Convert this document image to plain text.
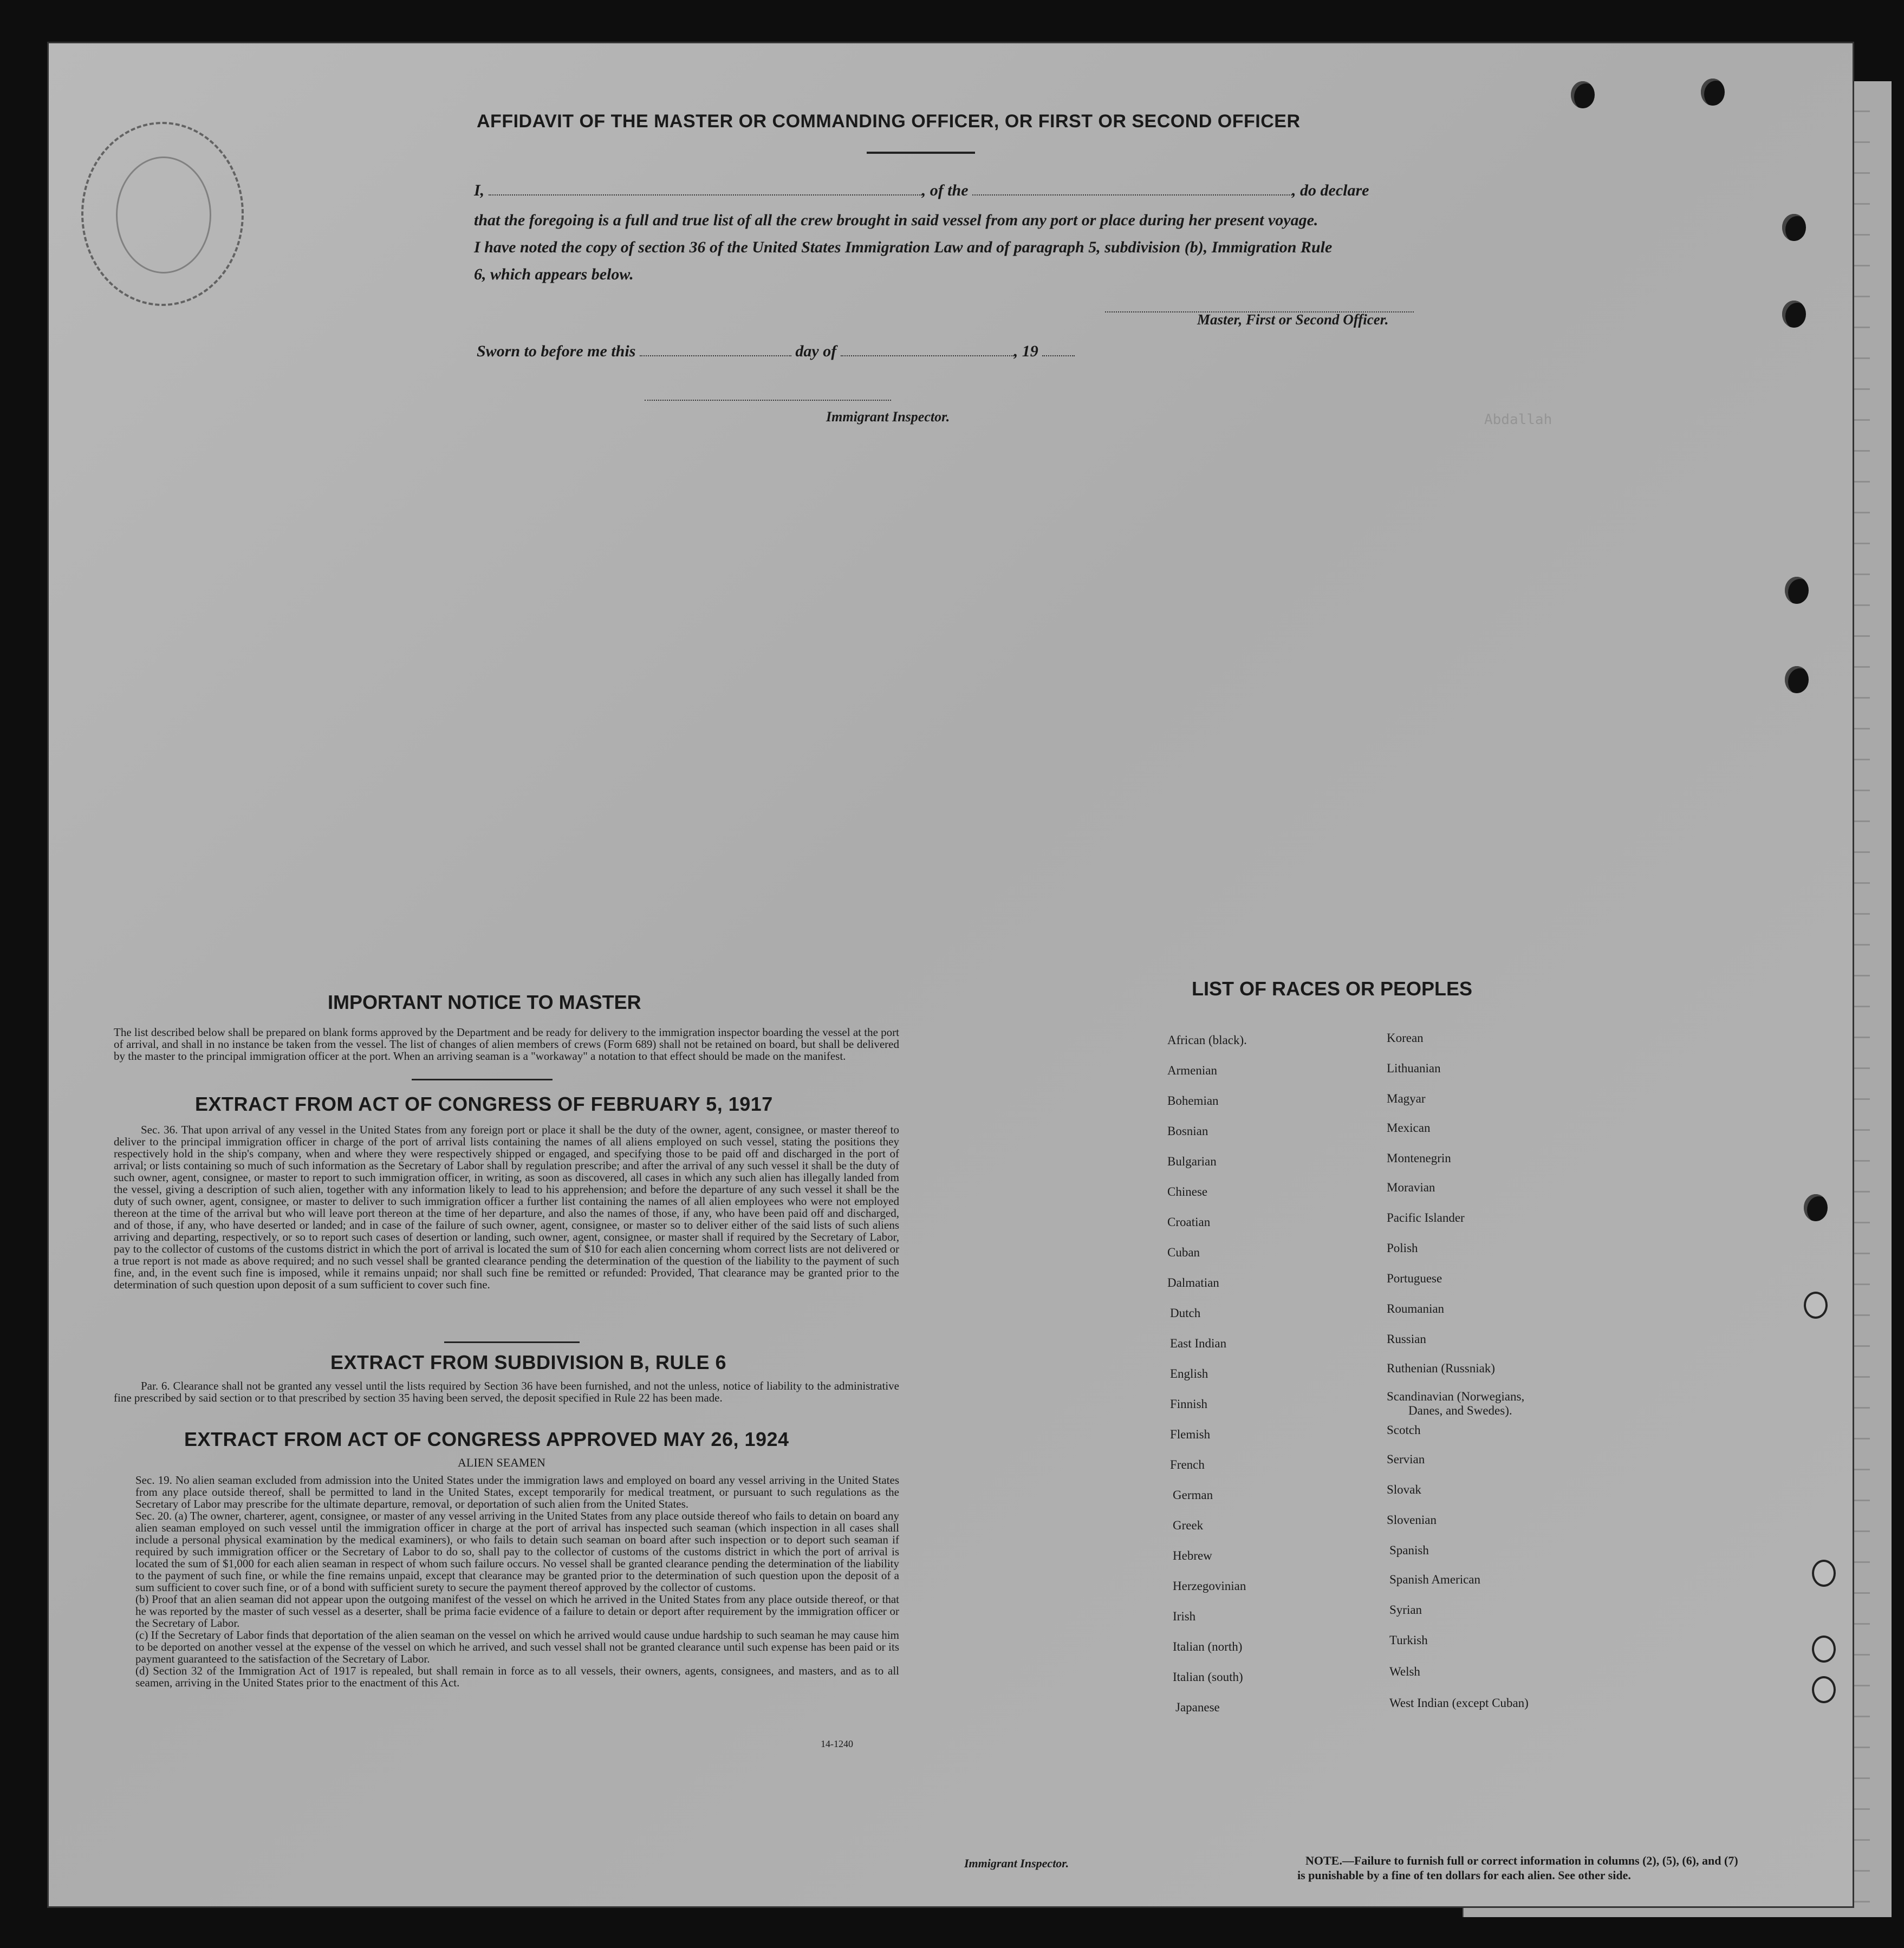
Abdallah
AFFIDAVIT OF THE MASTER OR COMMANDING OFFICER, OR FIRST OR SECOND OFFICER
I,	, of the	, do declare
that the foregoing is a full and true list of all the crew brought in said vessel from any port or place during her present voyage.
I have noted the copy of section 36 of the United States Immigration Law and of paragraph 5, subdivision (b), Immigration Rule
6, which appears below.
Master, First or Second Officer.
Sworn to before me this	day of	, 19
Immigrant Inspector.
IMPORTANT NOTICE TO MASTER
The list described below shall be prepared on blank forms approved by the Department and be ready for delivery to the immigration inspector boarding the vessel at the port of arrival, and shall in no instance be taken from the vessel. The list of changes of alien members of crews (Form 689) shall not be retained on board, but shall be delivered by the master to the principal immigration officer at the port. When an arriving seaman is a "workaway" a notation to that effect should be made on the manifest.
EXTRACT FROM ACT OF CONGRESS OF FEBRUARY 5, 1917
Sec. 36. That upon arrival of any vessel in the United States from any foreign port or place it shall be the duty of the owner, agent, consignee, or master thereof to deliver to the principal immigration officer in charge of the port of arrival lists containing the names of all aliens employed on such vessel, stating the positions they respectively hold in the ship's company, when and where they were respectively shipped or engaged, and specifying those to be paid off and discharged in the port of arrival; or lists containing so much of such information as the Secretary of Labor shall by regulation prescribe; and after the arrival of any such vessel it shall be the duty of such owner, agent, consignee, or master to report to such immigration officer, in writing, as soon as discovered, all cases in which any such alien has illegally landed from the vessel, giving a description of such alien, together with any information likely to lead to his apprehension; and before the departure of any such vessel it shall be the duty of such owner, agent, consignee, or master to deliver to such immigration officer a further list containing the names of all alien employees who were not employed thereon at the time of the arrival but who will leave port thereon at the time of her departure, and also the names of those, if any, who have been paid off and discharged, and of those, if any, who have deserted or landed; and in case of the failure of such owner, agent, consignee, or master so to deliver either of the said lists of such aliens arriving and departing, respectively, or so to report such cases of desertion or landing, such owner, agent, consignee, or master shall if required by the Secretary of Labor, pay to the collector of customs of the customs district in which the port of arrival is located the sum of $10 for each alien concerning whom correct lists are not delivered or a true report is not made as above required; and no such vessel shall be granted clearance pending the determination of the question of the liability to the payment of such fine, and, in the event such fine is imposed, while it remains unpaid; nor shall such fine be remitted or refunded: Provided, That clearance may be granted prior to the determination of such question upon deposit of a sum sufficient to cover such fine.
EXTRACT FROM SUBDIVISION B, RULE 6
Par. 6. Clearance shall not be granted any vessel until the lists required by Section 36 have been furnished, and not the unless, notice of liability to the administrative fine prescribed by said section or to that prescribed by section 35 having been served, the deposit specified in Rule 22 has been made.
EXTRACT FROM ACT OF CONGRESS APPROVED MAY 26, 1924
ALIEN SEAMEN
Sec. 19. No alien seaman excluded from admission into the United States under the immigration laws and employed on board any vessel arriving in the United States from any place outside thereof, shall be permitted to land in the United States, except temporarily for medical treatment, or pursuant to such regulations as the Secretary of Labor may prescribe for the ultimate departure, removal, or deportation of such alien from the United States.
Sec. 20. (a) The owner, charterer, agent, consignee, or master of any vessel arriving in the United States from any place outside thereof who fails to detain on board any alien seaman employed on such vessel until the immigration officer in charge at the port of arrival has inspected such seaman (which inspection in all cases shall include a personal physical examination by the medical examiners), or who fails to detain such seaman on board after such inspection or to deport such seaman if required by such immigration officer or the Secretary of Labor to do so, shall pay to the collector of customs of the customs district in which the port of arrival is located the sum of $1,000 for each alien seaman in respect of whom such failure occurs. No vessel shall be granted clearance pending the determination of the liability to the payment of such fine, or while the fine remains unpaid, except that clearance may be granted prior to the determination of such question upon the deposit of a sum sufficient to cover such fine, or of a bond with sufficient surety to secure the payment thereof approved by the collector of customs.
(b) Proof that an alien seaman did not appear upon the outgoing manifest of the vessel on which he arrived in the United States from any place outside thereof, or that he was reported by the master of such vessel as a deserter, shall be prima facie evidence of a failure to detain or deport after requirement by the immigration officer or the Secretary of Labor.
(c) If the Secretary of Labor finds that deportation of the alien seaman on the vessel on which he arrived would cause undue hardship to such seaman he may cause him to be deported on another vessel at the expense of the vessel on which he arrived, and such vessel shall not be granted clearance until such expense has been paid or its payment guaranteed to the satisfaction of the Secretary of Labor.
(d) Section 32 of the Immigration Act of 1917 is repealed, but shall remain in force as to all vessels, their owners, agents, consignees, and masters, and as to all seamen, arriving in the United States prior to the enactment of this Act.
14-1240
LIST OF RACES OR PEOPLES
African (black).
Armenian
Bohemian
Bosnian
Bulgarian
Chinese
Croatian
Cuban
Dalmatian
Dutch
East Indian
English
Finnish
Flemish
French
German
Greek
Hebrew
Herzegovinian
Irish
Italian (north)
Italian (south)
Japanese
Korean
Lithuanian
Magyar
Mexican
Montenegrin
Moravian
Pacific Islander
Polish
Portuguese
Roumanian
Russian
Ruthenian (Russniak)
Scandinavian (Norwegians,
Danes, and Swedes).
Scotch
Servian
Slovak
Slovenian
Spanish
Spanish American
Syrian
Turkish
Welsh
West Indian (except Cuban)
Immigrant Inspector.	NOTE.—Failure to furnish full or correct information in columns (2), (5), (6), and (7)
is punishable by a fine of ten dollars for each alien. See other side.
